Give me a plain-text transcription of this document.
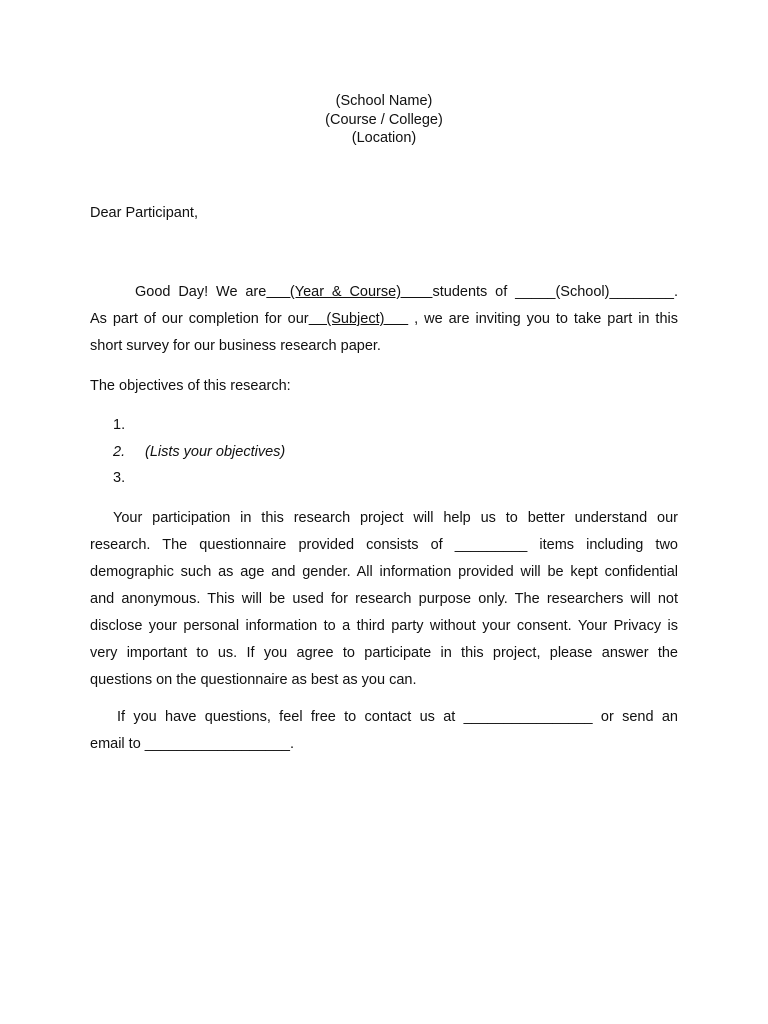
(School Name)
(Course / College)
(Location)
Dear Participant,
Good Day! We are   (Year & Course)    students of _____(School)________.
As part of our completion for our   (Subject)     , we are inviting you to take part in this
short survey for our business research paper.
The objectives of this research:
1.
2. (Lists your objectives)
3.
Your participation in this research project will help us to better understand our
research. The questionnaire provided consists of _________ items including two
demographic such as age and gender. All information provided will be kept confidential
and anonymous. This will be used for research purpose only. The researchers will not
disclose your personal information to a third party without your consent. Your Privacy is
very important to us. If you agree to participate in this project, please answer the
questions on the questionnaire as best as you can.
If you have questions, feel free to contact us at ________________ or send an
email to __________________.
